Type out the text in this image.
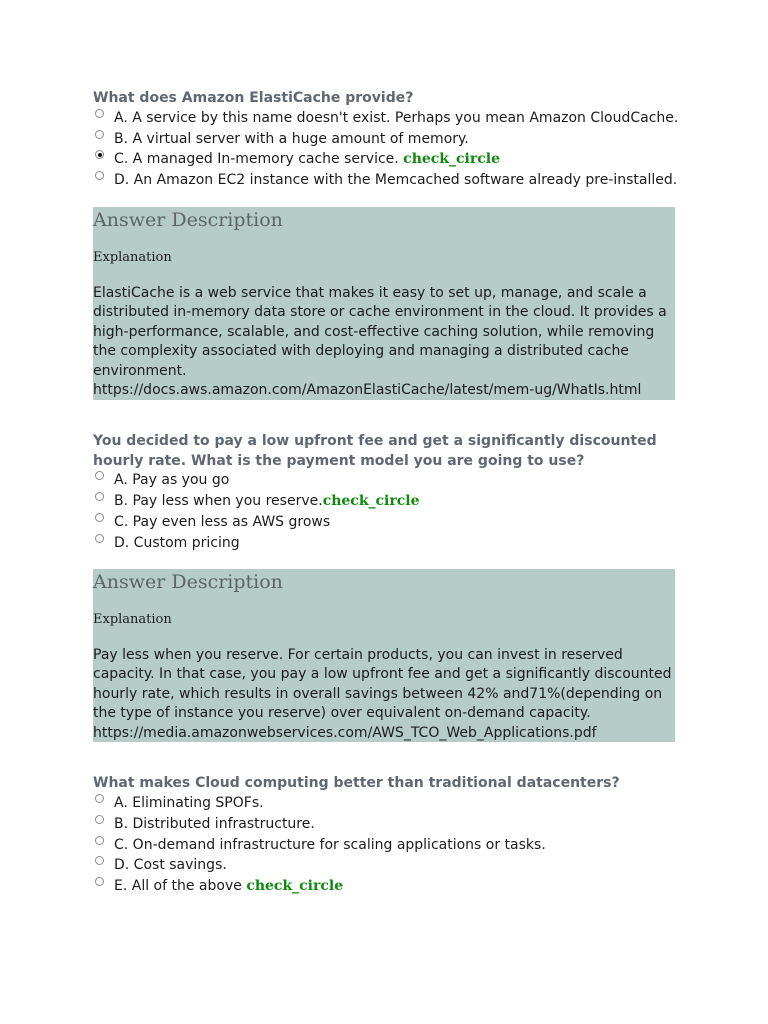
What does Amazon ElastiCache provide?
A. A service by this name doesn't exist. Perhaps you mean Amazon CloudCache.
B. A virtual server with a huge amount of memory.
C. A managed In-memory cache service. check_circle
D. An Amazon EC2 instance with the Memcached software already pre-installed.
Answer Description
Explanation
ElastiCache is a web service that makes it easy to set up, manage, and scale a distributed in-memory data store or cache environment in the cloud. It provides a high-performance, scalable, and cost-effective caching solution, while removing the complexity associated with deploying and managing a distributed cache environment.
https://docs.aws.amazon.com/AmazonElastiCache/latest/mem-ug/WhatIs.html
You decided to pay a low upfront fee and get a significantly discounted hourly rate. What is the payment model you are going to use?
A. Pay as you go
B. Pay less when you reserve.check_circle
C. Pay even less as AWS grows
D. Custom pricing
Answer Description
Explanation
Pay less when you reserve. For certain products, you can invest in reserved capacity. In that case, you pay a low upfront fee and get a significantly discounted hourly rate, which results in overall savings between 42% and71%(depending on the type of instance you reserve) over equivalent on-demand capacity.
https://media.amazonwebservices.com/AWS_TCO_Web_Applications.pdf
What makes Cloud computing better than traditional datacenters?
A. Eliminating SPOFs.
B. Distributed infrastructure.
C. On-demand infrastructure for scaling applications or tasks.
D. Cost savings.
E. All of the above check_circle
